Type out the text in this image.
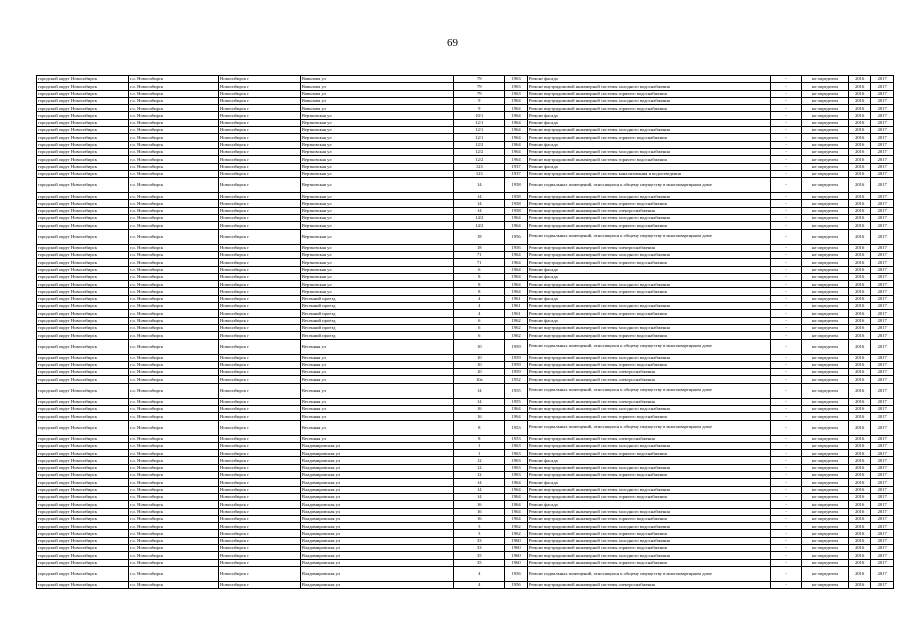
69
городской округ Новосибирск	г.о. Новосибирск	Новосибирск г	Вавилова ул	79	1963	Ремонт фасада	-	не определен	2016	2017
городской округ Новосибирск	г.о. Новосибирск	Новосибирск г	Вавилова ул	79	1963	Ремонт внутридомовой инженерной системы холодного водоснабжения	-	не определен	2016	2017
городской округ Новосибирск	г.о. Новосибирск	Новосибирск г	Вавилова ул	79	1963	Ремонт внутридомовой инженерной системы горячего водоснабжения	-	не определен	2016	2017
городской округ Новосибирск	г.о. Новосибирск	Новосибирск г	Вавилова ул	9	1964	Ремонт внутридомовой инженерной системы холодного водоснабжения	-	не определен	2016	2017
городской округ Новосибирск	г.о. Новосибирск	Новосибирск г	Вавилова ул	9	1964	Ремонт внутридомовой инженерной системы горячего водоснабжения	-	не определен	2016	2017
городской округ Новосибирск	г.о. Новосибирск	Новосибирск г	Вертковская ул	10/1	1964	Ремонт фасада	-	не определен	2016	2017
городской округ Новосибирск	г.о. Новосибирск	Новосибирск г	Вертковская ул	12/1	1964	Ремонт фасада	-	не определен	2016	2017
городской округ Новосибирск	г.о. Новосибирск	Новосибирск г	Вертковская ул	12/1	1964	Ремонт внутридомовой инженерной системы холодного водоснабжения	-	не определен	2016	2017
городской округ Новосибирск	г.о. Новосибирск	Новосибирск г	Вертковская ул	12/1	1964	Ремонт внутридомовой инженерной системы горячего водоснабжения	-	не определен	2016	2017
городской округ Новосибирск	г.о. Новосибирск	Новосибирск г	Вертковская ул	12/2	1964	Ремонт фасада	-	не определен	2016	2017
городской округ Новосибирск	г.о. Новосибирск	Новосибирск г	Вертковская ул	12/2	1964	Ремонт внутридомовой инженерной системы холодного водоснабжения	-	не определен	2016	2017
городской округ Новосибирск	г.о. Новосибирск	Новосибирск г	Вертковская ул	12/2	1964	Ремонт внутридомовой инженерной системы горячего водоснабжения	-	не определен	2016	2017
городской округ Новосибирск	г.о. Новосибирск	Новосибирск г	Вертковская ул	123	1937	Ремонт фасада	-	не определен	2016	2017
городской округ Новосибирск	г.о. Новосибирск	Новосибирск г	Вертковская ул	123	1937	Ремонт внутридомовой инженерной системы канализования и водоотведения	-	не определен	2016	2017
городской округ Новосибирск	г.о. Новосибирск	Новосибирск г	Вертковская ул	14	1958	Ремонт подвальных помещений, относящихся к общему имуществу в многоквартирном доме	-	не определен	2016	2017
городской округ Новосибирск	г.о. Новосибирск	Новосибирск г	Вертковская ул	14	1958	Ремонт внутридомовой инженерной системы холодного водоснабжения	-	не определен	2016	2017
городской округ Новосибирск	г.о. Новосибирск	Новосибирск г	Вертковская ул	14	1958	Ремонт внутридомовой инженерной системы горячего водоснабжения	-	не определен	2016	2017
городской округ Новосибирск	г.о. Новосибирск	Новосибирск г	Вертковская ул	14	1958	Ремонт внутридомовой инженерной системы электроснабжения	-	не определен	2016	2017
городской округ Новосибирск	г.о. Новосибирск	Новосибирск г	Вертковская ул	14/2	1964	Ремонт внутридомовой инженерной системы холодного водоснабжения	-	не определен	2016	2017
городской округ Новосибирск	г.о. Новосибирск	Новосибирск г	Вертковская ул	14/2	1964	Ремонт внутридомовой инженерной системы горячего водоснабжения	-	не определен	2016	2017
городской округ Новосибирск	г.о. Новосибирск	Новосибирск г	Вертковская ул	18	1956	Ремонт подвальных помещений, относящихся к общему имуществу в многоквартирном доме	-	не определен	2016	2017
городской округ Новосибирск	г.о. Новосибирск	Новосибирск г	Вертковская ул	18	1956	Ремонт внутридомовой инженерной системы электроснабжения	-	не определен	2016	2017
городской округ Новосибирск	г.о. Новосибирск	Новосибирск г	Вертковская ул	71	1964	Ремонт внутридомовой инженерной системы холодного водоснабжения	-	не определен	2016	2017
городской округ Новосибирск	г.о. Новосибирск	Новосибирск г	Вертковская ул	71	1964	Ремонт внутридомовой инженерной системы горячего водоснабжения	-	не определен	2016	2017
городской округ Новосибирск	г.о. Новосибирск	Новосибирск г	Вертковская ул	6	1964	Ремонт фасада	-	не определен	2016	2017
городской округ Новосибирск	г.о. Новосибирск	Новосибирск г	Вертковская ул	8	1964	Ремонт фасада	-	не определен	2016	2017
городской округ Новосибирск	г.о. Новосибирск	Новосибирск г	Вертковская ул	8	1964	Ремонт внутридомовой инженерной системы холодного водоснабжения	-	не определен	2016	2017
городской округ Новосибирск	г.о. Новосибирск	Новосибирск г	Вертковская ул	8	1964	Ремонт внутридомовой инженерной системы горячего водоснабжения	-	не определен	2016	2017
городской округ Новосибирск	г.о. Новосибирск	Новосибирск г	Весенний проезд	4	1961	Ремонт фасада	-	не определен	2016	2017
городской округ Новосибирск	г.о. Новосибирск	Новосибирск г	Весенний проезд	4	1961	Ремонт внутридомовой инженерной системы холодного водоснабжения	-	не определен	2016	2017
городской округ Новосибирск	г.о. Новосибирск	Новосибирск г	Весенний проезд	4	1961	Ремонт внутридомовой инженерной системы горячего водоснабжения	-	не определен	2016	2017
городской округ Новосибирск	г.о. Новосибирск	Новосибирск г	Весенний проезд	6	1962	Ремонт фасада	-	не определен	2016	2017
городской округ Новосибирск	г.о. Новосибирск	Новосибирск г	Весенний проезд	6	1962	Ремонт внутридомовой инженерной системы холодного водоснабжения	-	не определен	2016	2017
городской округ Новосибирск	г.о. Новосибирск	Новосибирск г	Весенний проезд	6	1962	Ремонт внутридомовой инженерной системы горячего водоснабжения	-	не определен	2016	2017
городской округ Новосибирск	г.о. Новосибирск	Новосибирск г	Весенняя ул	10	1959	Ремонт подвальных помещений, относящихся к общему имуществу в многоквартирном доме	-	не определен	2016	2017
городской округ Новосибирск	г.о. Новосибирск	Новосибирск г	Весенняя ул	10	1959	Ремонт внутридомовой инженерной системы холодного водоснабжения	-	не определен	2016	2017
городской округ Новосибирск	г.о. Новосибирск	Новосибирск г	Весенняя ул	10	1959	Ремонт внутридомовой инженерной системы горячего водоснабжения	-	не определен	2016	2017
городской округ Новосибирск	г.о. Новосибирск	Новосибирск г	Весенняя ул	10	1959	Ремонт внутридомовой инженерной системы электроснабжения	-	не определен	2016	2017
городской округ Новосибирск	г.о. Новосибирск	Новосибирск г	Весенняя ул	10а	1952	Ремонт внутридомовой инженерной системы электроснабжения	-	не определен	2016	2017
городской округ Новосибирск	г.о. Новосибирск	Новосибирск г	Весенняя ул	14	1955	Ремонт подвальных помещений, относящихся к общему имуществу в многоквартирном доме	-	не определен	2016	2017
городской округ Новосибирск	г.о. Новосибирск	Новосибирск г	Весенняя ул	14	1955	Ремонт внутридомовой инженерной системы электроснабжения	-	не определен	2016	2017
городской округ Новосибирск	г.о. Новосибирск	Новосибирск г	Весенняя ул	16	1964	Ремонт внутридомовой инженерной системы холодного водоснабжения	-	не определен	2016	2017
городской округ Новосибирск	г.о. Новосибирск	Новосибирск г	Весенняя ул	16	1964	Ремонт внутридомовой инженерной системы горячего водоснабжения	-	не определен	2016	2017
городской округ Новосибирск	г.о. Новосибирск	Новосибирск г	Весенняя ул	8	1953	Ремонт подвальных помещений, относящихся к общему имуществу в многоквартирном доме	-	не определен	2016	2017
городской округ Новосибирск	г.о. Новосибирск	Новосибирск г	Весенняя ул	8	1953	Ремонт внутридомовой инженерной системы электроснабжения	-	не определен	2016	2017
городской округ Новосибирск	г.о. Новосибирск	Новосибирск г	Владимировская ул	1	1963	Ремонт внутридомовой инженерной системы холодного водоснабжения	-	не определен	2016	2017
городской округ Новосибирск	г.о. Новосибирск	Новосибирск г	Владимировская ул	1	1963	Ремонт внутридомовой инженерной системы горячего водоснабжения	-	не определен	2016	2017
городской округ Новосибирск	г.о. Новосибирск	Новосибирск г	Владимировская ул	12	1963	Ремонт фасада	-	не определен	2016	2017
городской округ Новосибирск	г.о. Новосибирск	Новосибирск г	Владимировская ул	12	1963	Ремонт внутридомовой инженерной системы холодного водоснабжения	-	не определен	2016	2017
городской округ Новосибирск	г.о. Новосибирск	Новосибирск г	Владимировская ул	12	1963	Ремонт внутридомовой инженерной системы горячего водоснабжения	-	не определен	2016	2017
городской округ Новосибирск	г.о. Новосибирск	Новосибирск г	Владимировская ул	14	1964	Ремонт фасада	-	не определен	2016	2017
городской округ Новосибирск	г.о. Новосибирск	Новосибирск г	Владимировская ул	14	1964	Ремонт внутридомовой инженерной системы холодного водоснабжения	-	не определен	2016	2017
городской округ Новосибирск	г.о. Новосибирск	Новосибирск г	Владимировская ул	14	1964	Ремонт внутридомовой инженерной системы горячего водоснабжения	-	не определен	2016	2017
городской округ Новосибирск	г.о. Новосибирск	Новосибирск г	Владимировская ул	16	1964	Ремонт фасада	-	не определен	2016	2017
городской округ Новосибирск	г.о. Новосибирск	Новосибирск г	Владимировская ул	16	1964	Ремонт внутридомовой инженерной системы холодного водоснабжения	-	не определен	2016	2017
городской округ Новосибирск	г.о. Новосибирск	Новосибирск г	Владимировская ул	16	1964	Ремонт внутридомовой инженерной системы горячего водоснабжения	-	не определен	2016	2017
городской округ Новосибирск	г.о. Новосибирск	Новосибирск г	Владимировская ул	3	1962	Ремонт внутридомовой инженерной системы холодного водоснабжения	-	не определен	2016	2017
городской округ Новосибирск	г.о. Новосибирск	Новосибирск г	Владимировская ул	3	1962	Ремонт внутридомовой инженерной системы горячего водоснабжения	-	не определен	2016	2017
городской округ Новосибирск	г.о. Новосибирск	Новосибирск г	Владимировская ул	33	1960	Ремонт внутридомовой инженерной системы холодного водоснабжения	-	не определен	2016	2017
городской округ Новосибирск	г.о. Новосибирск	Новосибирск г	Владимировская ул	33	1960	Ремонт внутридомовой инженерной системы горячего водоснабжения	-	не определен	2016	2017
городской округ Новосибирск	г.о. Новосибирск	Новосибирск г	Владимировская ул	35	1960	Ремонт внутридомовой инженерной системы холодного водоснабжения	-	не определен	2016	2017
городской округ Новосибирск	г.о. Новосибирск	Новосибирск г	Владимировская ул	35	1960	Ремонт внутридомовой инженерной системы горячего водоснабжения	-	не определен	2016	2017
городской округ Новосибирск	г.о. Новосибирск	Новосибирск г	Владимировская ул	4	1956	Ремонт подвальных помещений, относящихся к общему имуществу в многоквартирном доме	-	не определен	2016	2017
городской округ Новосибирск	г.о. Новосибирск	Новосибирск г	Владимировская ул	4	1956	Ремонт внутридомовой инженерной системы электроснабжения	-	не определен	2016	2017
